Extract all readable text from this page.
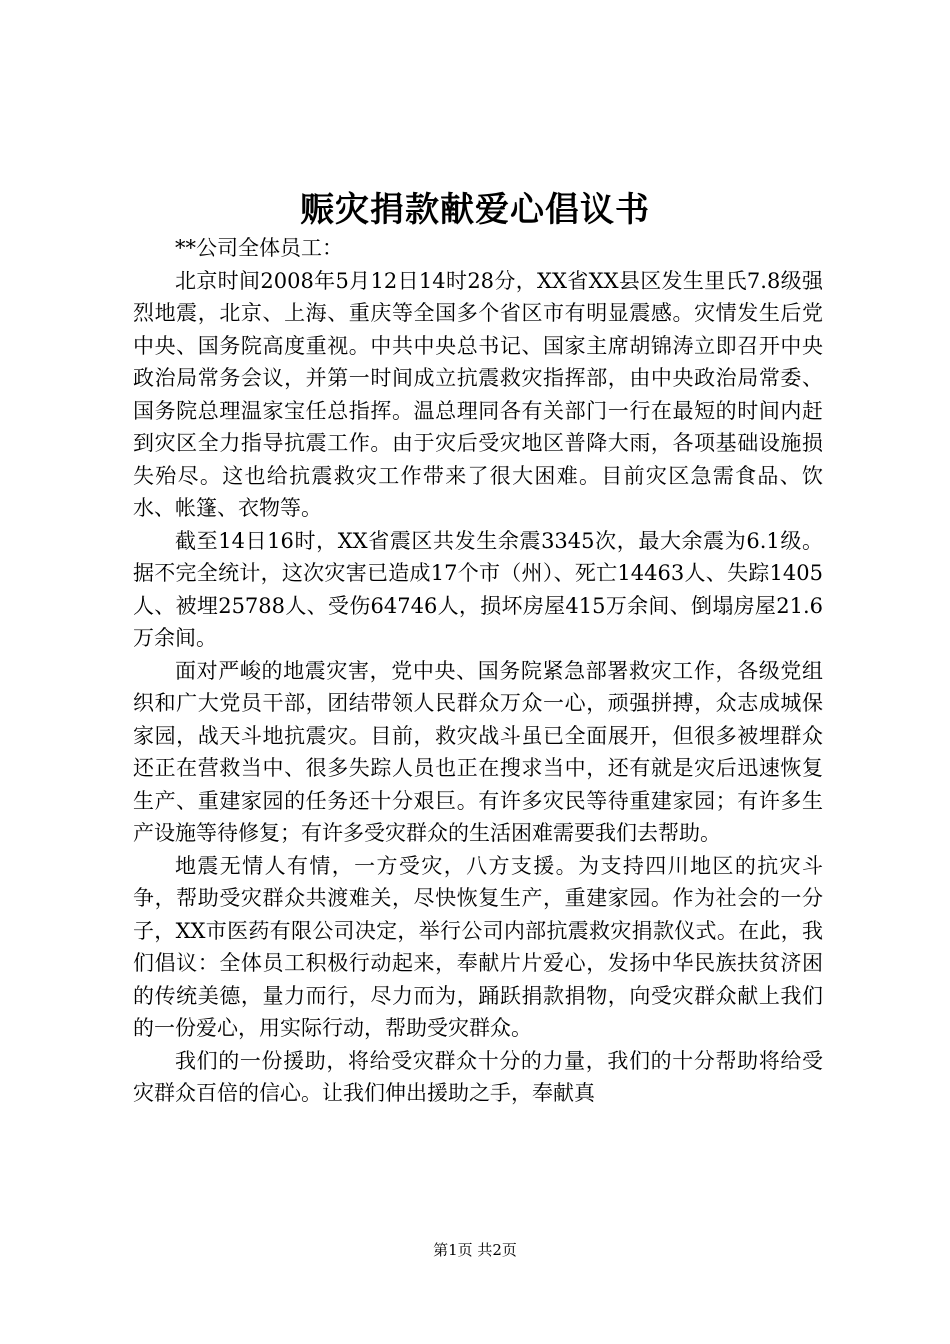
赈灾捐款献爱心倡议书

**公司全体员工：

北京时间2008年5月12日14时28分，XX省XX县区发生里氏7.8级强烈地震，北京、上海、重庆等全国多个省区市有明显震感。灾情发生后党中央、国务院高度重视。中共中央总书记、国家主席胡锦涛立即召开中央政治局常务会议，并第一时间成立抗震救灾指挥部，由中央政治局常委、国务院总理温家宝任总指挥。温总理同各有关部门一行在最短的时间内赶到灾区全力指导抗震工作。由于灾后受灾地区普降大雨，各项基础设施损失殆尽。这也给抗震救灾工作带来了很大困难。目前灾区急需食品、饮水、帐篷、衣物等。

截至14日16时，XX省震区共发生余震3345次，最大余震为6.1级。据不完全统计，这次灾害已造成17个市（州）、死亡14463人、失踪1405人、被埋25788人、受伤64746人，损坏房屋415万余间、倒塌房屋21.6万余间。

面对严峻的地震灾害，党中央、国务院紧急部署救灾工作，各级党组织和广大党员干部，团结带领人民群众万众一心，顽强拼搏，众志成城保家园，战天斗地抗震灾。目前，救灾战斗虽已全面展开，但很多被埋群众还正在营救当中、很多失踪人员也正在搜求当中，还有就是灾后迅速恢复生产、重建家园的任务还十分艰巨。有许多灾民等待重建家园；有许多生产设施等待修复；有许多受灾群众的生活困难需要我们去帮助。

地震无情人有情，一方受灾，八方支援。为支持四川地区的抗灾斗争，帮助受灾群众共渡难关，尽快恢复生产，重建家园。作为社会的一分子，XX市医药有限公司决定，举行公司内部抗震救灾捐款仪式。在此，我们倡议：全体员工积极行动起来，奉献片片爱心，发扬中华民族扶贫济困的传统美德，量力而行，尽力而为，踊跃捐款捐物，向受灾群众献上我们的一份爱心，用实际行动，帮助受灾群众。

我们的一份援助，将给受灾群众十分的力量，我们的十分帮助将给受灾群众百倍的信心。让我们伸出援助之手，奉献真

第1页 共2页
